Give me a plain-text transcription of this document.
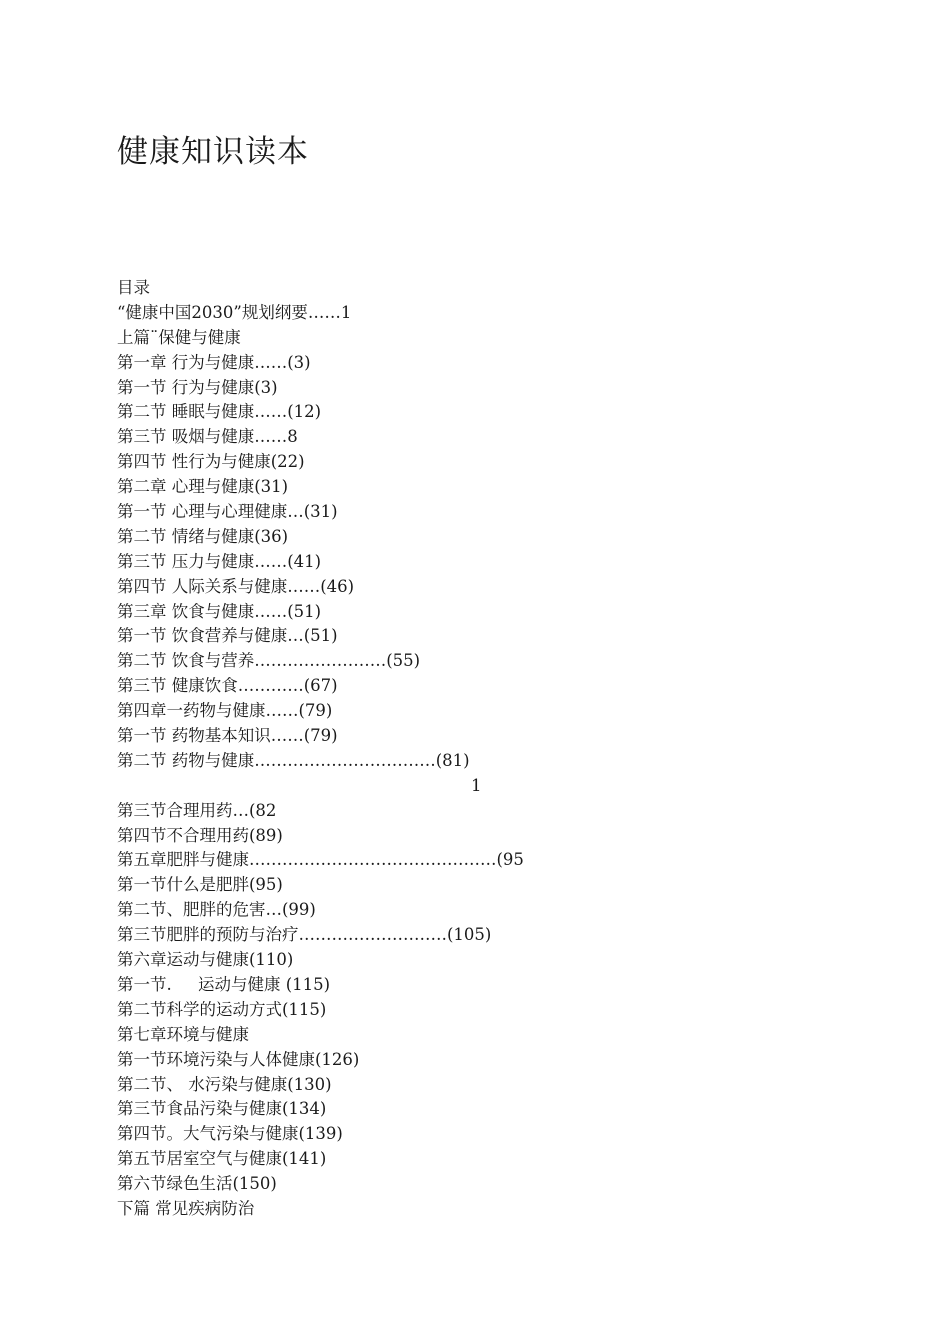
健康知识读本

目录

“健康中国2030”规划纲要……1

上篇¨保健与健康

第一章 行为与健康……(3)

第一节 行为与健康(3)

第二节 睡眠与健康……(12)

第三节 吸烟与健康……8

第四节 性行为与健康(22)

第二章 心理与健康(31)

第一节 心理与心理健康…(31)

第二节 情绪与健康(36)

第三节 压力与健康……(41)

第四节 人际关系与健康……(46)

第三章 饮食与健康……(51)

第一节 饮食营养与健康…(51)

第二节 饮食与营养……………………(55)

第三节 健康饮食…………(67)

第四章一药物与健康……(79)

第一节 药物基本知识……(79)

第二节 药物与健康……………………………(81)

1

第三节合理用药…(82

第四节不合理用药(89)

第五章肥胖与健康………………………………………(95

第一节什么是肥胖(95)

第二节、肥胖的危害…(99)

第三节肥胖的预防与治疗………………………(105)

第六章运动与健康(110)

第一节.     运动与健康 (115)

第二节科学的运动方式(115)

第七章环境与健康

第一节环境污染与人体健康(126)

第二节、 水污染与健康(130)

第三节食品污染与健康(134)

第四节。大气污染与健康(139)

第五节居室空气与健康(141)

第六节绿色生活(150)

下篇 常见疾病防治
